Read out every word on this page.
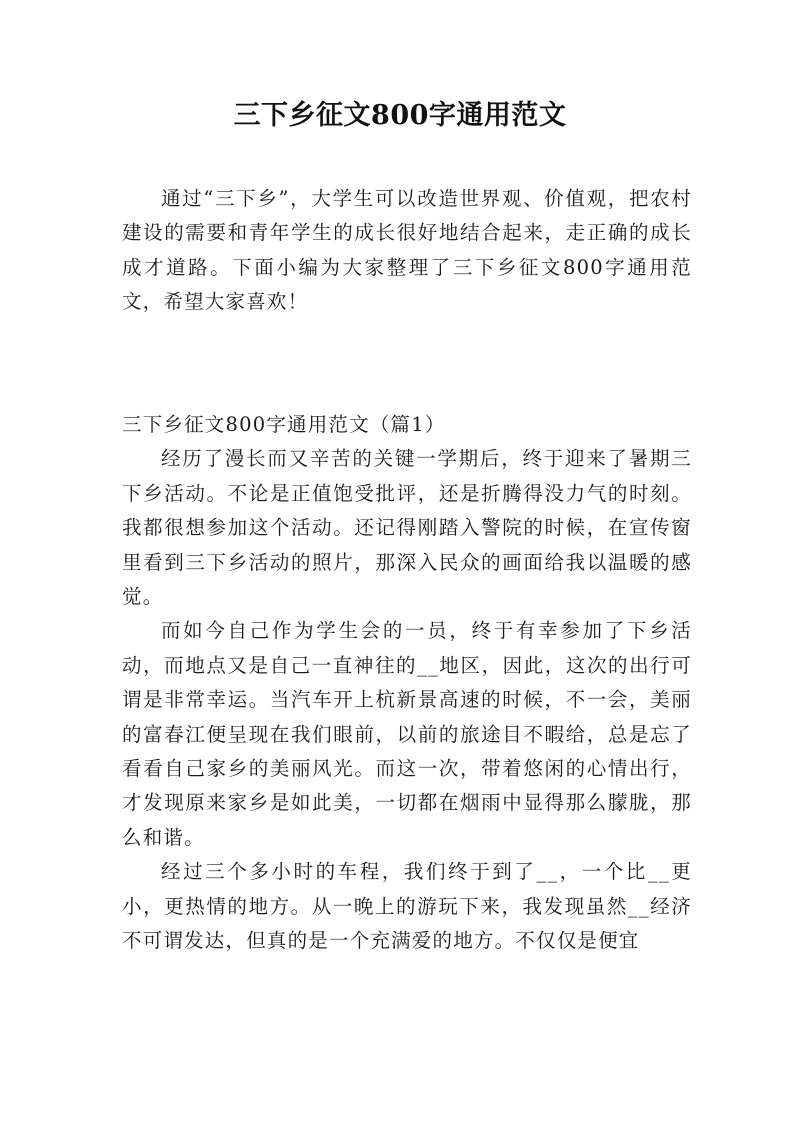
三下乡征文800字通用范文

通过“三下乡”，大学生可以改造世界观、价值观，把农村建设的需要和青年学生的成长很好地结合起来，走正确的成长成才道路。下面小编为大家整理了三下乡征文800字通用范文，希望大家喜欢！

三下乡征文800字通用范文（篇1）

经历了漫长而又辛苦的关键一学期后，终于迎来了暑期三下乡活动。不论是正值饱受批评，还是折腾得没力气的时刻。我都很想参加这个活动。还记得刚踏入警院的时候，在宣传窗里看到三下乡活动的照片，那深入民众的画面给我以温暖的感觉。

而如今自己作为学生会的一员，终于有幸参加了下乡活动，而地点又是自己一直神往的__地区，因此，这次的出行可谓是非常幸运。当汽车开上杭新景高速的时候，不一会，美丽的富春江便呈现在我们眼前，以前的旅途目不暇给，总是忘了看看自己家乡的美丽风光。而这一次，带着悠闲的心情出行，才发现原来家乡是如此美，一切都在烟雨中显得那么朦胧，那么和谐。

经过三个多小时的车程，我们终于到了__，一个比__更小，更热情的地方。从一晚上的游玩下来，我发现虽然__经济不可谓发达，但真的是一个充满爱的地方。不仅仅是便宜
